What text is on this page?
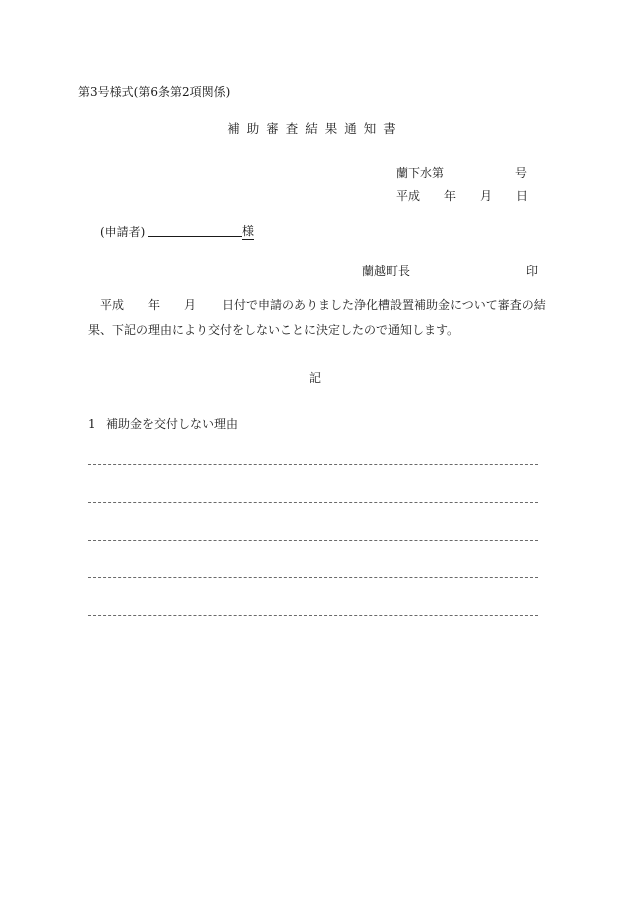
第3号様式(第6条第2項関係)
補助審査結果通知書
蘭下水第	号
平成 年 月 日
(申請者)	様
蘭越町長	印
平成 年 月 日付で申請のありました浄化槽設置補助金について審査の結
果、下記の理由により交付をしないことに決定したので通知します。
記
1 補助金を交付しない理由
